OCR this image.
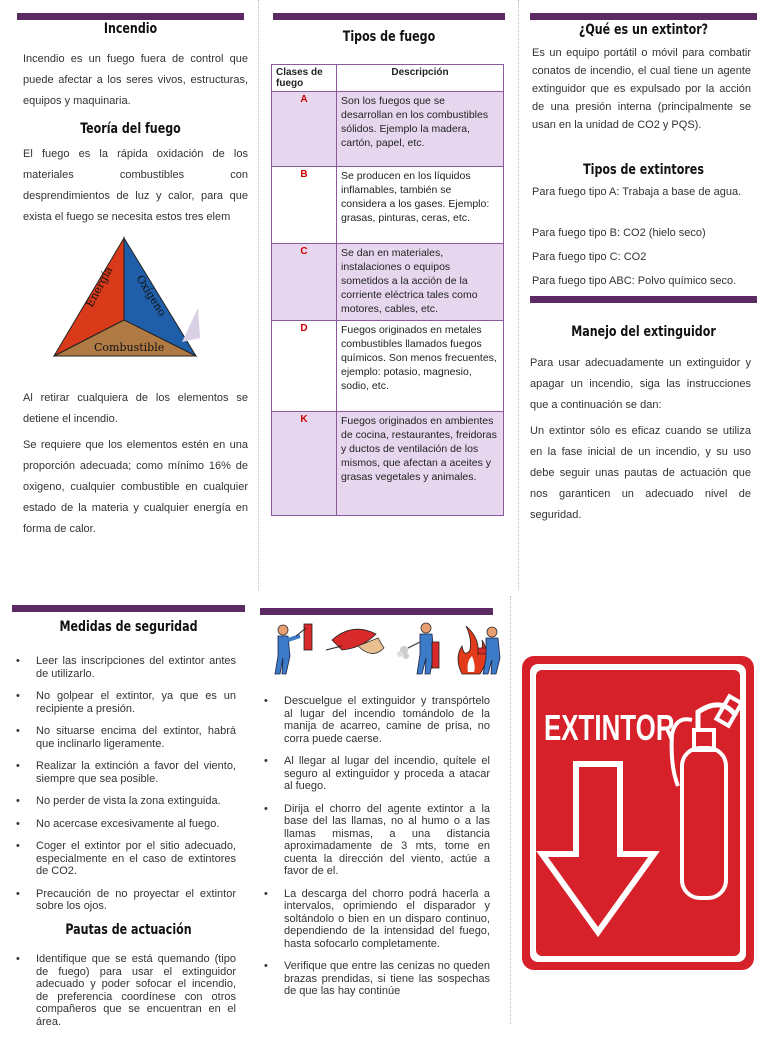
Incendio
Incendio es un fuego fuera de control que puede afectar a los seres vivos, estructuras, equipos y maquinaria.
Teoría del fuego
El fuego es la rápida oxidación de los materiales combustibles con desprendimientos de luz y calor, para que exista el fuego se necesita estos tres elem
Energía Oxígeno
Combustible
Al retirar cualquiera de los elementos se detiene el incendio.
Se requiere que los elementos estén en una proporción adecuada; como mínimo 16% de oxigeno, cualquier combustible en cualquier estado de la materia y cualquier energía en forma de calor.
Tipos de fuego
Clases de fuego	Descripción
A	Son los fuegos que se desarrollan en los combustibles sólidos. Ejemplo la madera, cartón, papel, etc.
B	Se producen en los líquidos inflamables, también se considera a los gases. Ejemplo: grasas, pinturas, ceras, etc.
C	Se dan en materiales, instalaciones o equipos sometidos a la acción de la corriente eléctrica tales como motores, cables, etc.
D	Fuegos originados en metales combustibles llamados fuegos químicos. Son menos frecuentes, ejemplo: potasio, magnesio, sodio, etc.
K	Fuegos originados en ambientes de cocina, restaurantes, freidoras y ductos de ventilación de los mismos, que afectan a aceites y grasas vegetales y animales.
¿Qué es un extintor?
Es un equipo portátil o móvil para combatir conatos de incendio, el cual tiene un agente extinguidor que es expulsado por la acción de una presión interna (principalmente se usan en la unidad de CO2 y PQS).
Tipos de extintores
Para fuego tipo A: Trabaja a base de agua.
Para fuego tipo B: CO2 (hielo seco)
Para fuego tipo C: CO2
Para fuego tipo ABC: Polvo químico seco.
Manejo del extinguidor
Para usar adecuadamente un extinguidor y apagar un incendio, siga las instrucciones que a continuación se dan:
Un extintor sólo es eficaz cuando se utiliza en la fase inicial de un incendio, y su uso debe seguir unas pautas de actuación que nos garanticen un adecuado nivel de seguridad.
Medidas de seguridad
• Leer las inscripciones del extintor antes de utilizarlo.
• No golpear el extintor, ya que es un recipiente a presión.
• No situarse encima del extintor, habrá que inclinarlo ligeramente.
• Realizar la extinción a favor del viento, siempre que sea posible.
• No perder de vista la zona extinguida.
• No acercase excesivamente al fuego.
• Coger el extintor por el sitio adecuado, especialmente en el caso de extintores de CO2.
• Precaución de no proyectar el extintor sobre los ojos.
Pautas de actuación
• Identifique que se está quemando (tipo de fuego) para usar el extinguidor adecuado y poder sofocar el incendio, de preferencia coordínese con otros compañeros que se encuentran en el área.
• Descuelgue el extinguidor y transpórtelo al lugar del incendio tomándolo de la manija de acarreo, camine de prisa, no corra puede caerse.
• Al llegar al lugar del incendio, quítele el seguro al extinguidor y proceda a atacar al fuego.
• Dirija el chorro del agente extintor a la base del las llamas, no al humo o a las llamas mismas, a una distancia aproximadamente de 3 mts, tome en cuenta la dirección del viento, actúe a favor de el.
• La descarga del chorro podrá hacerla a intervalos, oprimiendo el disparador y soltándolo o bien en un disparo continuo, dependiendo de la intensidad del fuego, hasta sofocarlo completamente.
• Verifique que entre las cenizas no queden brazas prendidas, si tiene las sospechas de que las hay continúe
EXTINTOR
